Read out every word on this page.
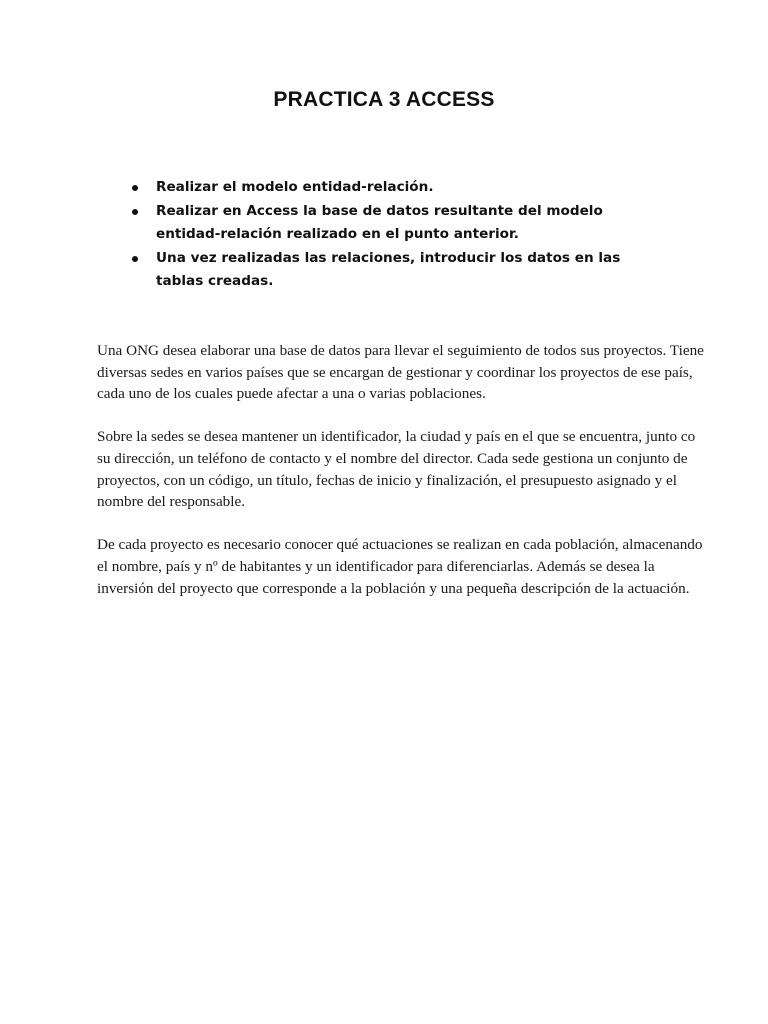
PRACTICA 3 ACCESS
Realizar el modelo entidad-relación.
Realizar en Access la base de datos resultante del modelo entidad-relación realizado en el punto anterior.
Una vez realizadas las relaciones, introducir los datos en las tablas creadas.

Una ONG desea elaborar una base de datos para llevar el seguimiento de todos sus proyectos. Tiene diversas sedes en varios países que se encargan de gestionar y coordinar los proyectos de ese país, cada uno de los cuales puede afectar a una o varias poblaciones.

Sobre la sedes se desea mantener un identificador, la ciudad y país en el que se encuentra, junto co su dirección, un teléfono de contacto y el nombre del director. Cada sede gestiona un conjunto de proyectos, con un código, un título, fechas de inicio y finalización, el presupuesto asignado y el nombre del responsable.

De cada proyecto es necesario conocer qué actuaciones se realizan en cada población, almacenando el nombre, país y nº de habitantes y un identificador para diferenciarlas. Además se desea la inversión del proyecto que corresponde a la población y una pequeña descripción de la actuación.
